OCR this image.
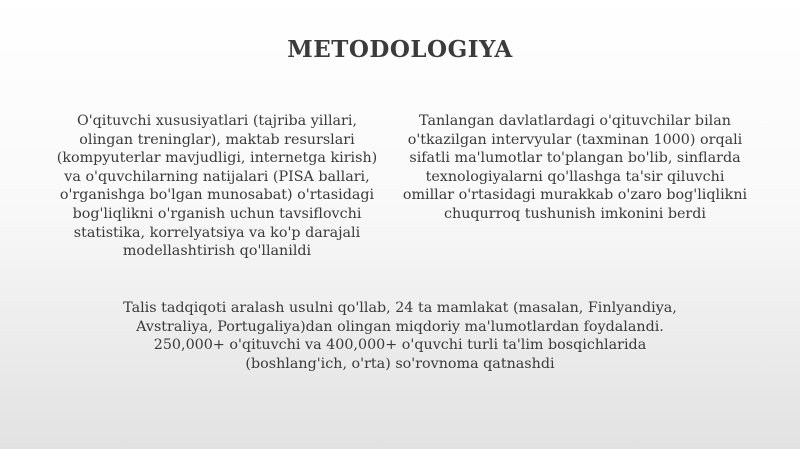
METODOLOGIYA

O'qituvchi xususiyatlari (tajriba yillari, olingan treninglar), maktab resurslari (kompyuterlar mavjudligi, internetga kirish) va o'quvchilarning natijalari (PISA ballari, o'rganishga bo'lgan munosabat) o'rtasidagi bog'liqlikni o'rganish uchun tavsiflovchi statistika, korrelyatsiya va ko'p darajali modellashtirish qo'llanildi

Tanlangan davlatlardagi o'qituvchilar bilan o'tkazilgan intervyular (taxminan 1000) orqali sifatli ma'lumotlar to'plangan bo'lib, sinflarda texnologiyalarni qo'llashga ta'sir qiluvchi omillar o'rtasidagi murakkab o'zaro bog'liqlikni chuqurroq tushunish imkonini berdi

Talis tadqiqoti aralash usulni qo'llab, 24 ta mamlakat (masalan, Finlyandiya, Avstraliya, Portugaliya)dan olingan miqdoriy ma'lumotlardan foydalandi. 250,000+ o'qituvchi va 400,000+ o'quvchi turli ta'lim bosqichlarida (boshlang'ich, o'rta) so'rovnoma qatnashdi
